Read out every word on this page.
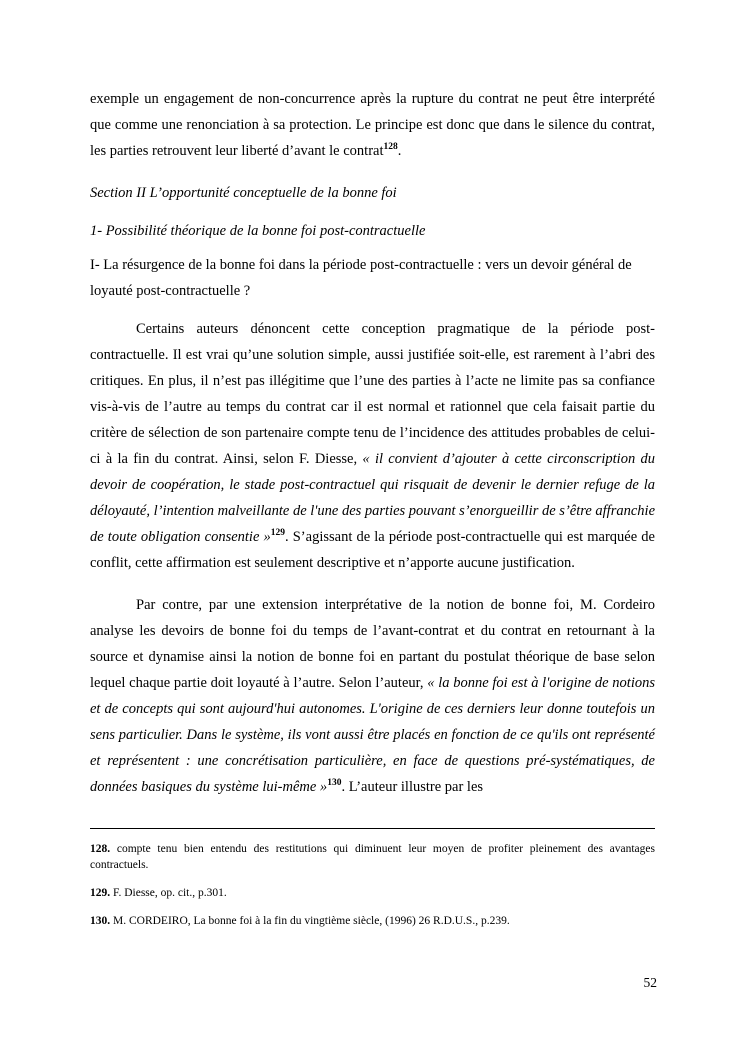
exemple un engagement de non-concurrence après la rupture du contrat ne peut être interprété que comme une renonciation à sa protection. Le principe est donc que dans le silence du contrat, les parties retrouvent leur liberté d’avant le contrat$^{128}$.

Section II L’opportunité conceptuelle de la bonne foi

1- Possibilité théorique de la bonne foi post-contractuelle

I- La résurgence de la bonne foi dans la période post-contractuelle : vers un devoir général de loyauté post-contractuelle ?

Certains auteurs dénoncent cette conception pragmatique de la période post-contractuelle. Il est vrai qu’une solution simple, aussi justifiée soit-elle, est rarement à l’abri des critiques. En plus, il n’est pas illégitime que l’une des parties à l’acte ne limite pas sa confiance vis-à-vis de l’autre au temps du contrat car il est normal et rationnel que cela faisait partie du critère de sélection de son partenaire compte tenu de l’incidence des attitudes probables de celui-ci à la fin du contrat. Ainsi, selon F. Diesse, « il convient d’ajouter à cette circonscription du devoir de coopération, le stade post-contractuel qui risquait de devenir le dernier refuge de la déloyauté, l’intention malveillante de l'une des parties pouvant s’enorgueillir de s’être affranchie de toute obligation consentie »$^{129}$. S’agissant de la période post-contractuelle qui est marquée de conflit, cette affirmation est seulement descriptive et n’apporte aucune justification.

Par contre, par une extension interprétative de la notion de bonne foi, M. Cordeiro analyse les devoirs de bonne foi du temps de l’avant-contrat et du contrat en retournant à la source et dynamise ainsi la notion de bonne foi en partant du postulat théorique de base selon lequel chaque partie doit loyauté à l’autre. Selon l’auteur, « la bonne foi est à l'origine de notions et de concepts qui sont aujourd'hui autonomes. L'origine de ces derniers leur donne toutefois un sens particulier. Dans le système, ils vont aussi être placés en fonction de ce qu'ils ont représenté et représentent : une concrétisation particulière, en face de questions pré-systématiques, de données basiques du système lui-même »$^{130}$. L’auteur illustre par les

128. compte tenu bien entendu des restitutions qui diminuent leur moyen de profiter pleinement des avantages contractuels.

129. F. Diesse, op. cit., p.301.

130. M. CORDEIRO, La bonne foi à la fin du vingtième siècle, (1996) 26 R.D.U.S., p.239.

52
